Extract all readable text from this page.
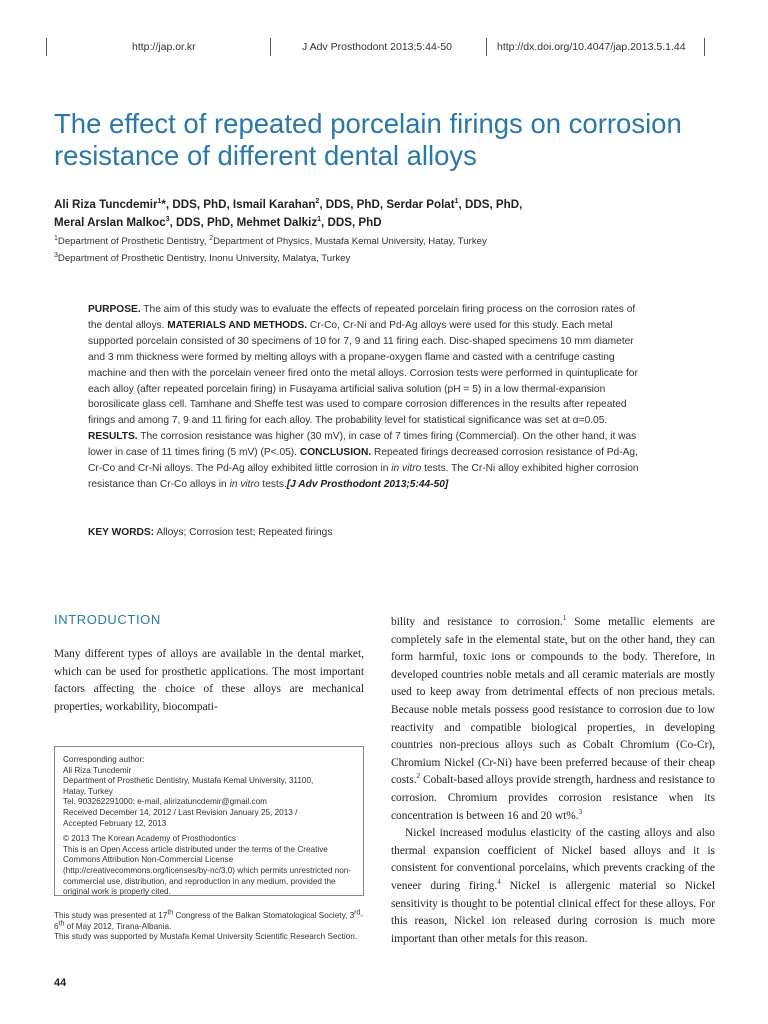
http://jap.or.kr	J Adv Prosthodont 2013;5:44-50	http://dx.doi.org/10.4047/jap.2013.5.1.44
The effect of repeated porcelain firings on corrosion resistance of different dental alloys

Ali Riza Tuncdemir$^1$*, DDS, PhD, Ismail Karahan$^2$, DDS, PhD, Serdar Polat$^1$, DDS, PhD,
Meral Arslan Malkoc$^3$, DDS, PhD, Mehmet Dalkiz$^1$, DDS, PhD

$^1$Department of Prosthetic Dentistry, $^2$Department of Physics, Mustafa Kemal University, Hatay, Turkey

$^3$Department of Prosthetic Dentistry, Inonu University, Malatya, Turkey

PURPOSE. The aim of this study was to evaluate the effects of repeated porcelain firing process on the corrosion rates of the dental alloys. MATERIALS AND METHODS. Cr-Co, Cr-Ni and Pd-Ag alloys were used for this study. Each metal supported porcelain consisted of 30 specimens of 10 for 7, 9 and 11 firing each. Disc-shaped specimens 10 mm diameter and 3 mm thickness were formed by melting alloys with a propane-oxygen flame and casted with a centrifuge casting machine and then with the porcelain veneer fired onto the metal alloys. Corrosion tests were performed in quintuplicate for each alloy (after repeated porcelain firing) in Fusayama artificial saliva solution (pH = 5) in a low thermal-expansion borosilicate glass cell. Tamhane and Sheffe test was used to compare corrosion differences in the results after repeated firings and among 7, 9 and 11 firing for each alloy. The probability level for statistical significance was set at α=0.05. RESULTS. The corrosion resistance was higher (30 mV), in case of 7 times firing (Commercial). On the other hand, it was lower in case of 11 times firing (5 mV) (P<.05). CONCLUSION. Repeated firings decreased corrosion resistance of Pd-Ag, Cr-Co and Cr-Ni alloys. The Pd-Ag alloy exhibited little corrosion in in vitro tests. The Cr-Ni alloy exhibited higher corrosion resistance than Cr-Co alloys in in vitro tests.[J Adv Prosthodont 2013;5:44-50]

KEY WORDS: Alloys; Corrosion test; Repeated firings

INTRODUCTION

Many different types of alloys are available in the dental market, which can be used for prosthetic applications. The most important factors affecting the choice of these alloys are mechanical properties, workability, biocompati-

bility and resistance to corrosion.$^1$ Some metallic elements are completely safe in the elemental state, but on the other hand, they can form harmful, toxic ions or compounds to the body. Therefore, in developed countries noble metals and all ceramic materials are mostly used to keep away from detrimental effects of non precious metals. Because noble metals possess good resistance to corrosion due to low reactivity and compatible biological properties, in developing countries non-precious alloys such as Cobalt Chromium (Co-Cr), Chromium Nickel (Cr-Ni) have been preferred because of their cheap costs.$^2$ Cobalt-based alloys provide strength, hardness and resistance to corrosion. Chromium provides corrosion resistance when its concentration is between 16 and 20 wt%.$^3$

Nickel increased modulus elasticity of the casting alloys and also thermal expansion coefficient of Nickel based alloys and it is consistent for conventional porcelains, which prevents cracking of the veneer during firing.$^4$ Nickel is allergenic material so Nickel sensitivity is thought to be potential clinical effect for these alloys. For this reason, Nickel ion released during corrosion is much more important than other metals for this reason.

Corresponding author:

Ali Riza Tuncdemir

Department of Prosthetic Dentistry, Mustafa Kemal University, 31100,

Hatay, Turkey

Tel. 903262291000: e-mail, alirizatuncdemir@gmail.com

Received December 14, 2012 / Last Revision January 25, 2013 /

Accepted February 12, 2013

© 2013 The Korean Academy of Prosthodontics

This is an Open Access article distributed under the terms of the Creative Commons Attribution Non-Commercial License (http://creativecommons.org/licenses/by-nc/3.0) which permits unrestricted non-commercial use, distribution, and reproduction in any medium, provided the original work is properly cited.

This study was presented at 17th Congress of the Balkan Stomatological Society, 3rd-6th of May 2012, Tirana-Albania.

This study was supported by Mustafa Kemal University Scientific Research Section.

44
